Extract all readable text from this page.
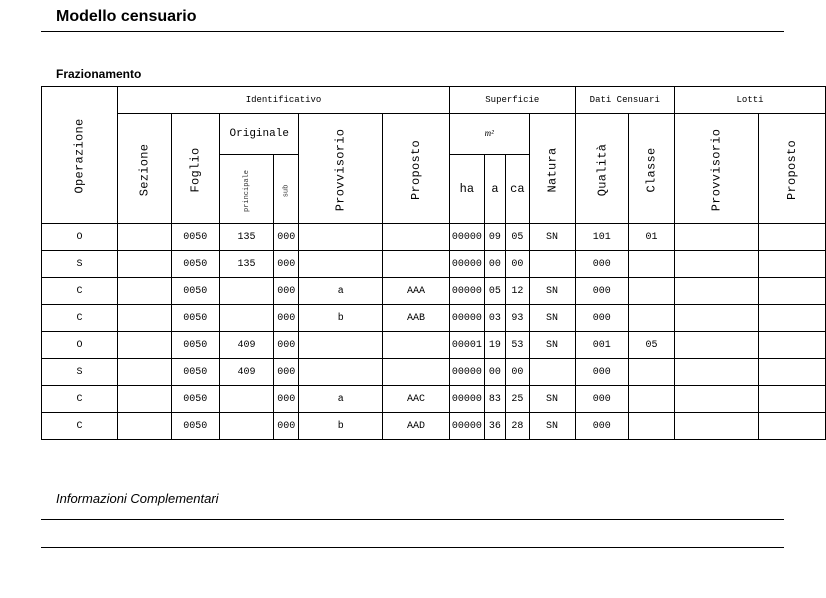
Modello censuario
Frazionamento
Operazione	Identificativo						Superficie				Dati Censuari		Lotti	
	Sezione	Foglio	Originale		Provvisorio	Proposto	m²			Natura	Qualità	Classe	Provvisorio	Proposto
			principale	sub			ha	a	ca					
O		0050	135	000			00000	09	05	SN	101	01		
S		0050	135	000			00000	00	00		000			
C		0050		000	a	AAA	00000	05	12	SN	000			
C		0050		000	b	AAB	00000	03	93	SN	000			
O		0050	409	000			00001	19	53	SN	001	05		
S		0050	409	000			00000	00	00		000			
C		0050		000	a	AAC	00000	83	25	SN	000			
C		0050		000	b	AAD	00000	36	28	SN	000			
Informazioni Complementari
